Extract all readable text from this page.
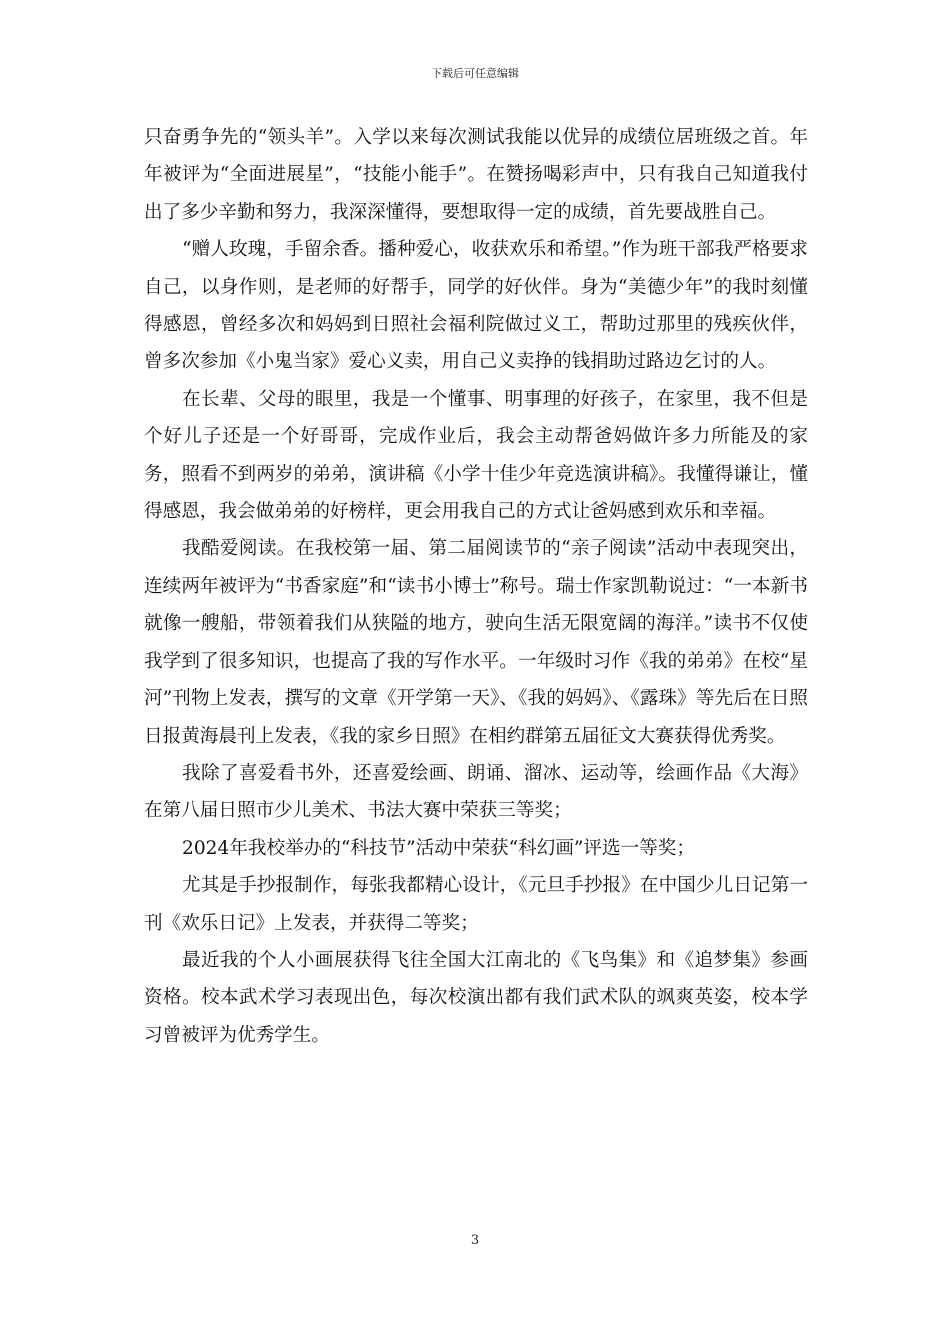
下载后可任意编辑

只奋勇争先的“领头羊”。入学以来每次测试我能以优异的成绩位居班级之首。年年被评为“全面进展星”，“技能小能手”。在赞扬喝彩声中，只有我自己知道我付出了多少辛勤和努力，我深深懂得，要想取得一定的成绩，首先要战胜自己。

“赠人玫瑰，手留余香。播种爱心，收获欢乐和希望。”作为班干部我严格要求自己，以身作则，是老师的好帮手，同学的好伙伴。身为“美德少年”的我时刻懂得感恩，曾经多次和妈妈到日照社会福利院做过义工，帮助过那里的残疾伙伴，曾多次参加《小鬼当家》爱心义卖，用自己义卖挣的钱捐助过路边乞讨的人。

在长辈、父母的眼里，我是一个懂事、明事理的好孩子，在家里，我不但是个好儿子还是一个好哥哥，完成作业后，我会主动帮爸妈做许多力所能及的家务，照看不到两岁的弟弟，演讲稿《小学十佳少年竞选演讲稿》。我懂得谦让，懂得感恩，我会做弟弟的好榜样，更会用我自己的方式让爸妈感到欢乐和幸福。

我酷爱阅读。在我校第一届、第二届阅读节的“亲子阅读”活动中表现突出，连续两年被评为“书香家庭”和“读书小博士”称号。瑞士作家凯勒说过：“一本新书就像一艘船，带领着我们从狭隘的地方，驶向生活无限宽阔的海洋。”读书不仅使我学到了很多知识，也提高了我的写作水平。一年级时习作《我的弟弟》在校“星河”刊物上发表，撰写的文章《开学第一天》、《我的妈妈》、《露珠》等先后在日照日报黄海晨刊上发表，《我的家乡日照》在相约群第五届征文大赛获得优秀奖。

我除了喜爱看书外，还喜爱绘画、朗诵、溜冰、运动等，绘画作品《大海》在第八届日照市少儿美术、书法大赛中荣获三等奖；

2024年我校举办的“科技节”活动中荣获“科幻画”评选一等奖；

尤其是手抄报制作，每张我都精心设计，《元旦手抄报》在中国少儿日记第一刊《欢乐日记》上发表，并获得二等奖；

最近我的个人小画展获得飞往全国大江南北的《飞鸟集》和《追梦集》参画资格。校本武术学习表现出色，每次校演出都有我们武术队的飒爽英姿，校本学习曾被评为优秀学生。

3
